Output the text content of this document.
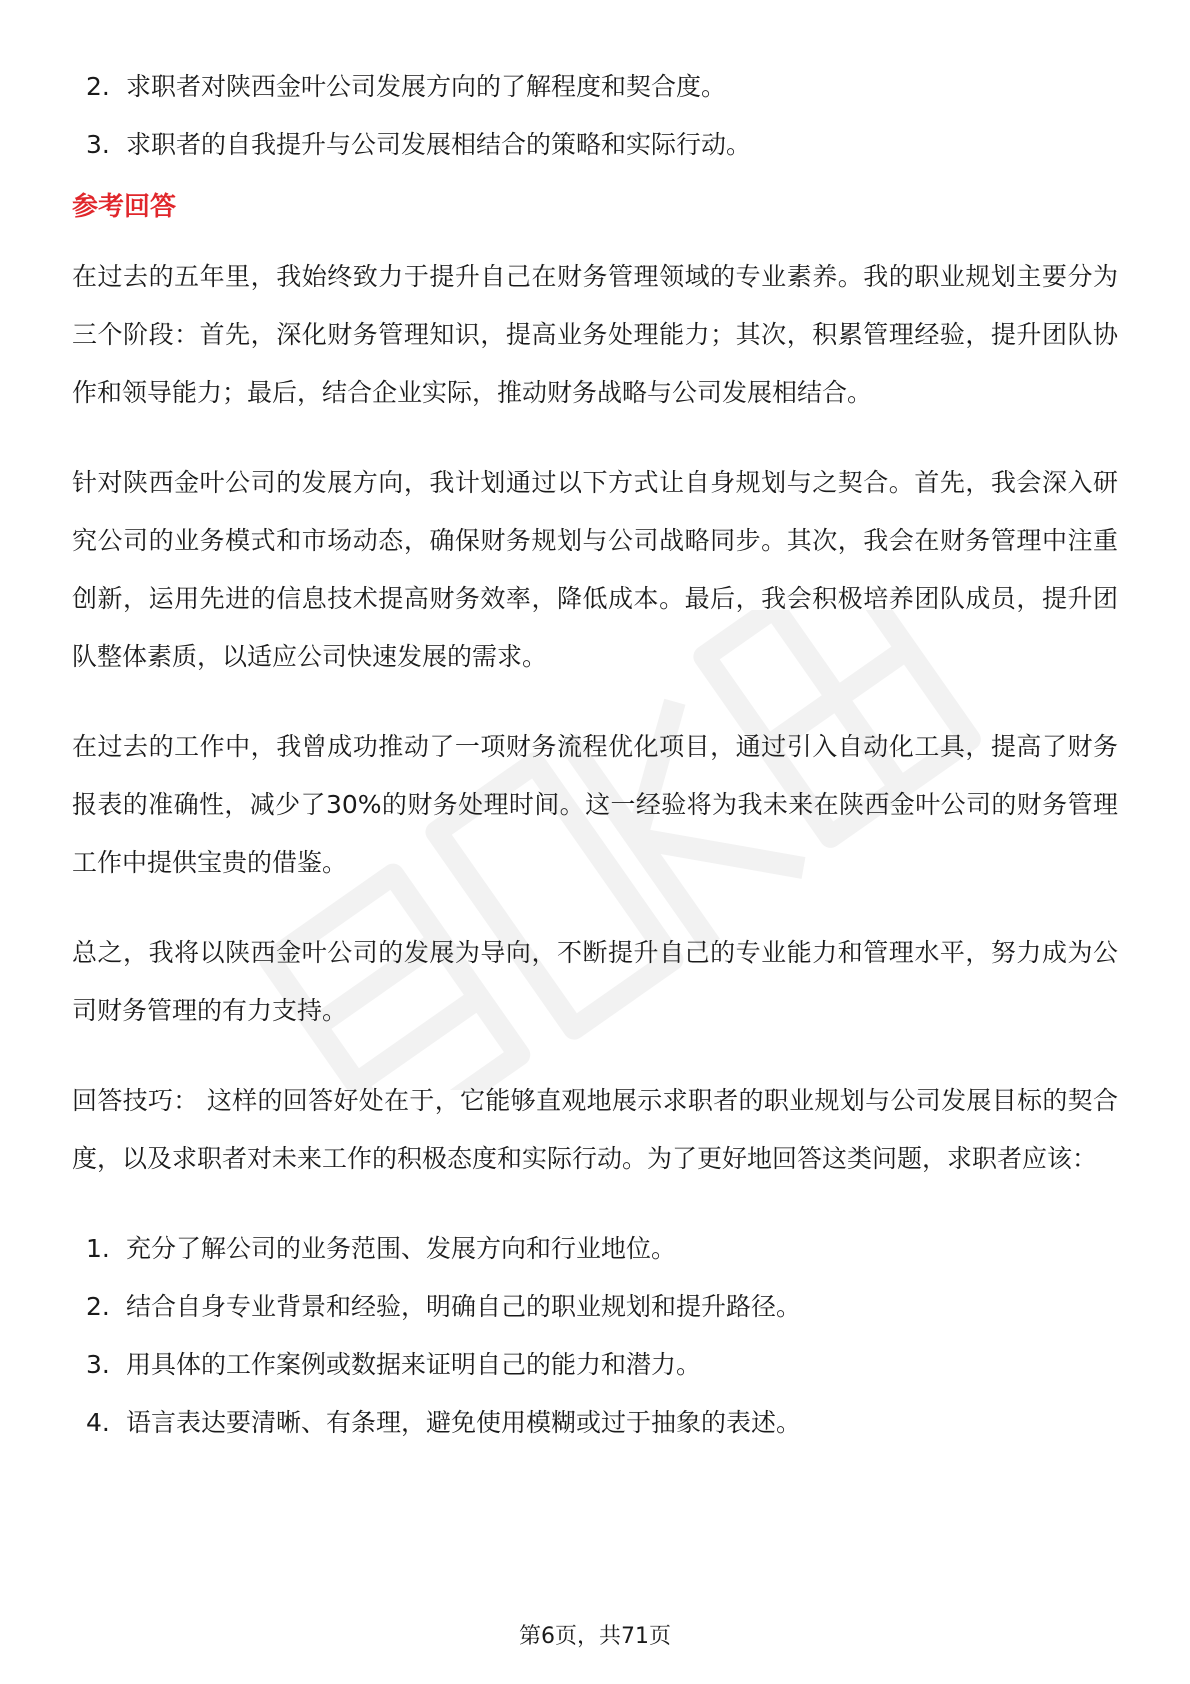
2. 求职者对陕西金叶公司发展方向的了解程度和契合度。
3. 求职者的自我提升与公司发展相结合的策略和实际行动。
参考回答

在过去的五年里，我始终致力于提升自己在财务管理领域的专业素养。我的职业规划主要分为三个阶段：首先，深化财务管理知识，提高业务处理能力；其次，积累管理经验，提升团队协作和领导能力；最后，结合企业实际，推动财务战略与公司发展相结合。

针对陕西金叶公司的发展方向，我计划通过以下方式让自身规划与之契合。首先，我会深入研究公司的业务模式和市场动态，确保财务规划与公司战略同步。其次，我会在财务管理中注重创新，运用先进的信息技术提高财务效率，降低成本。最后，我会积极培养团队成员，提升团队整体素质，以适应公司快速发展的需求。

在过去的工作中，我曾成功推动了一项财务流程优化项目，通过引入自动化工具，提高了财务报表的准确性，减少了30%的财务处理时间。这一经验将为我未来在陕西金叶公司的财务管理工作中提供宝贵的借鉴。

总之，我将以陕西金叶公司的发展为导向，不断提升自己的专业能力和管理水平，努力成为公司财务管理的有力支持。

回答技巧： 这样的回答好处在于，它能够直观地展示求职者的职业规划与公司发展目标的契合度，以及求职者对未来工作的积极态度和实际行动。为了更好地回答这类问题，求职者应该：

1. 充分了解公司的业务范围、发展方向和行业地位。
2. 结合自身专业背景和经验，明确自己的职业规划和提升路径。
3. 用具体的工作案例或数据来证明自己的能力和潜力。
4. 语言表达要清晰、有条理，避免使用模糊或过于抽象的表述。
第6页，共71页
